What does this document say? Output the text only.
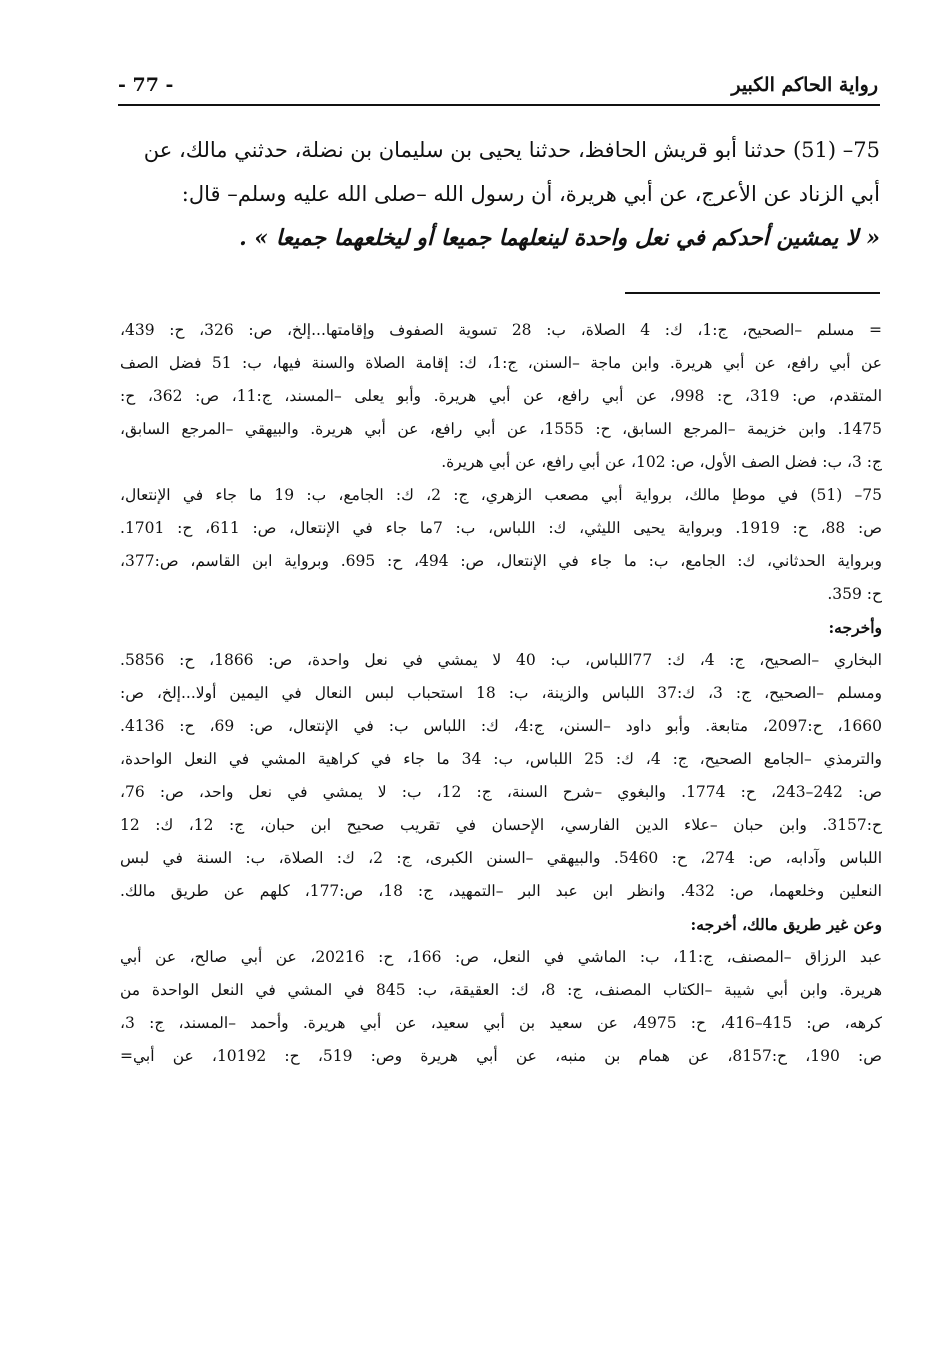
رواية الحاكم الكبير
- 77 -
75– (51) حدثنا أبو قريش الحافظ، حدثنا يحيى بن سليمان بن نضلة، حدثني مالك، عن
أبي الزناد عن الأعرج، عن أبي هريرة، أن رسول الله –صلى الله عليه وسلم– قال:
« لا يمشين أحدكم في نعل واحدة لينعلهما جميعا أو ليخلعهما جميعا » .
= مسلم –الصحيح، ج:1، ك: 4 الصلاة، ب: 28 تسوية الصفوف وإقامتها...إلخ، ص: 326، ح: 439،
عن أبي رافع، عن أبي هريرة. وابن ماجة –السنن، ج:1، ك: إقامة الصلاة والسنة فيها، ب: 51 فضل الصف
المتقدم، ص: 319، ح: 998، عن أبي رافع، عن أبي هريرة. وأبو يعلى –المسند، ج:11، ص: 362، ح:
1475. وابن خزيمة –المرجع السابق، ح: 1555، عن أبي رافع، عن أبي هريرة. والبيهقي –المرجع السابق،
ج: 3، ب: فضل الصف الأول، ص: 102، عن أبي رافع، عن أبي هريرة.
75– (51) في موطإ مالك، برواية أبي مصعب الزهري، ج: 2، ك: الجامع، ب: 19 ما جاء في الإنتعال،
ص: 88، ح: 1919. وبرواية يحيى الليثي، ك: اللباس، ب: 7ما جاء في الإنتعال، ص: 611، ح: 1701.
وبرواية الحدثاني، ك: الجامع، ب: ما جاء في الإنتعال، ص: 494، ح: 695. وبرواية ابن القاسم، ص:377،
ح: 359.
وأخرجه:
البخاري –الصحيح، ج: 4، ك: 77اللباس، ب: 40 لا يمشي في نعل واحدة، ص: 1866، ح: 5856.
ومسلم –الصحيح، ج: 3، ك:37 اللباس والزينة، ب: 18 استحباب لبس النعال في اليمين أولا...إلخ، ص:
1660، ح:2097، متابعة. وأبو داود –السنن، ج:4، ك: اللباس ب: في الإنتعال، ص: 69، ح: 4136.
والترمذي –الجامع الصحيح، ج: 4، ك: 25 اللباس، ب: 34 ما جاء في كراهية المشي في النعل الواحدة،
ص: 242–243، ح: 1774. والبغوي –شرح السنة، ج: 12، ب: لا يمشي في نعل واحد، ص: 76،
ح:3157. وابن حبان –علاء الدين الفارسي، الإحسان في تقريب صحيح ابن حبان، ج: 12، ك: 12
اللباس وآدابه، ص: 274، ح: 5460. والبيهقي –السنن الكبرى، ج: 2، ك: الصلاة، ب: السنة في لبس
النعلين وخلعهما، ص: 432. وانظر ابن عبد البر –التمهيد، ج: 18، ص:177، كلهم عن طريق مالك.
وعن غير طريق مالك، أخرجه:
عبد الرزاق –المصنف، ج:11، ب: الماشي في النعل، ص: 166، ح: 20216، عن أبي صالح، عن أبي
هريرة. وابن أبي شيبة –الكتاب المصنف، ج: 8، ك: العقيقة، ب: 845 في المشي في النعل الواحدة من
كرهه، ص: 415–416، ح: 4975، عن سعيد بن أبي سعيد، عن أبي هريرة. وأحمد –المسند، ج: 3،
ص: 190، ح:8157، عن همام بن منبه، عن أبي هريرة وص: 519، ح: 10192، عن أبي=
